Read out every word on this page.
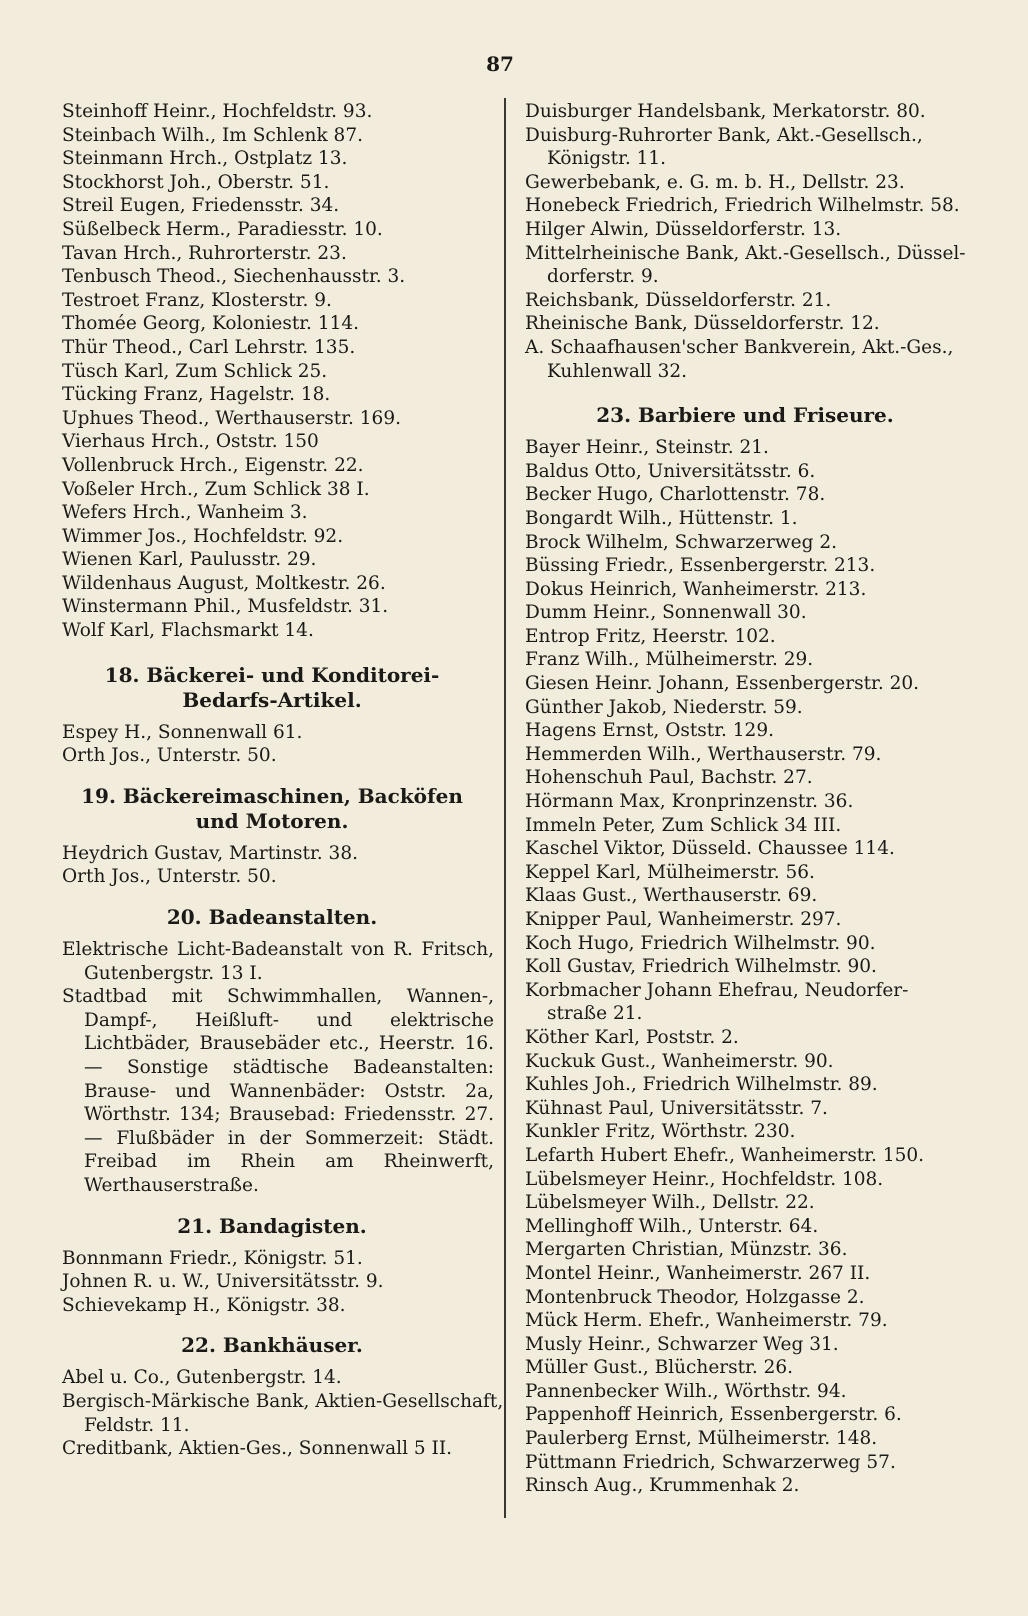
87
Steinhoff Heinr., Hochfeldstr. 93.
Steinbach Wilh., Im Schlenk 87.
Steinmann Hrch., Ostplatz 13.
Stockhorst Joh., Oberstr. 51.
Streil Eugen, Friedensstr. 34.
Süßelbeck Herm., Paradiesstr. 10.
Tavan Hrch., Ruhrorterstr. 23.
Tenbusch Theod., Siechenhausstr. 3.
Testroet Franz, Klosterstr. 9.
Thomée Georg, Koloniestr. 114.
Thür Theod., Carl Lehrstr. 135.
Tüsch Karl, Zum Schlick 25.
Tücking Franz, Hagelstr. 18.
Uphues Theod., Werthauserstr. 169.
Vierhaus Hrch., Oststr. 150
Vollenbruck Hrch., Eigenstr. 22.
Voßeler Hrch., Zum Schlick 38 I.
Wefers Hrch., Wanheim 3.
Wimmer Jos., Hochfeldstr. 92.
Wienen Karl, Paulusstr. 29.
Wildenhaus August, Moltkestr. 26.
Winstermann Phil., Musfeldstr. 31.
Wolf Karl, Flachsmarkt 14.
18. Bäckerei- und Konditorei-
Bedarfs-Artikel.
Espey H., Sonnenwall 61.
Orth Jos., Unterstr. 50.
19. Bäckereimaschinen, Backöfen
und Motoren.
Heydrich Gustav, Martinstr. 38.
Orth Jos., Unterstr. 50.
20. Badeanstalten.
Elektrische Licht-Badeanstalt von R. Fritsch, Gutenbergstr. 13 I.
Stadtbad mit Schwimmhallen, Wannen-, Dampf-, Heißluft- und elektrische Lichtbäder, Brausebäder etc., Heerstr. 16. — Sonstige städtische Badeanstalten: Brause- und Wannenbäder: Oststr. 2a, Wörthstr. 134; Brausebad: Friedensstr. 27. — Flußbäder in der Sommerzeit: Städt. Freibad im Rhein am Rheinwerft, Werthauserstraße.
21. Bandagisten.
Bonnmann Friedr., Königstr. 51.
Johnen R. u. W., Universitätsstr. 9.
Schievekamp H., Königstr. 38.
22. Bankhäuser.
Abel u. Co., Gutenbergstr. 14.
Bergisch-Märkische Bank, Aktien-Gesellschaft,
Feldstr. 11.
Creditbank, Aktien-Ges., Sonnenwall 5 II.
Duisburger Handelsbank, Merkatorstr. 80.
Duisburg-Ruhrorter Bank, Akt.-Gesellsch.,
Königstr. 11.
Gewerbebank, e. G. m. b. H., Dellstr. 23.
Honebeck Friedrich, Friedrich Wilhelmstr. 58.
Hilger Alwin, Düsseldorferstr. 13.
Mittelrheinische Bank, Akt.-Gesellsch., Düssel-
dorferstr. 9.
Reichsbank, Düsseldorferstr. 21.
Rheinische Bank, Düsseldorferstr. 12.
A. Schaafhausen'scher Bankverein, Akt.-Ges.,
Kuhlenwall 32.
23. Barbiere und Friseure.
Bayer Heinr., Steinstr. 21.
Baldus Otto, Universitätsstr. 6.
Becker Hugo, Charlottenstr. 78.
Bongardt Wilh., Hüttenstr. 1.
Brock Wilhelm, Schwarzerweg 2.
Büssing Friedr., Essenbergerstr. 213.
Dokus Heinrich, Wanheimerstr. 213.
Dumm Heinr., Sonnenwall 30.
Entrop Fritz, Heerstr. 102.
Franz Wilh., Mülheimerstr. 29.
Giesen Heinr. Johann, Essenbergerstr. 20.
Günther Jakob, Niederstr. 59.
Hagens Ernst, Oststr. 129.
Hemmerden Wilh., Werthauserstr. 79.
Hohenschuh Paul, Bachstr. 27.
Hörmann Max, Kronprinzenstr. 36.
Immeln Peter, Zum Schlick 34 III.
Kaschel Viktor, Düsseld. Chaussee 114.
Keppel Karl, Mülheimerstr. 56.
Klaas Gust., Werthauserstr. 69.
Knipper Paul, Wanheimerstr. 297.
Koch Hugo, Friedrich Wilhelmstr. 90.
Koll Gustav, Friedrich Wilhelmstr. 90.
Korbmacher Johann Ehefrau, Neudorfer-
straße 21.
Köther Karl, Poststr. 2.
Kuckuk Gust., Wanheimerstr. 90.
Kuhles Joh., Friedrich Wilhelmstr. 89.
Kühnast Paul, Universitätsstr. 7.
Kunkler Fritz, Wörthstr. 230.
Lefarth Hubert Ehefr., Wanheimerstr. 150.
Lübelsmeyer Heinr., Hochfeldstr. 108.
Lübelsmeyer Wilh., Dellstr. 22.
Mellinghoff Wilh., Unterstr. 64.
Mergarten Christian, Münzstr. 36.
Montel Heinr., Wanheimerstr. 267 II.
Montenbruck Theodor, Holzgasse 2.
Mück Herm. Ehefr., Wanheimerstr. 79.
Musly Heinr., Schwarzer Weg 31.
Müller Gust., Blücherstr. 26.
Pannenbecker Wilh., Wörthstr. 94.
Pappenhoff Heinrich, Essenbergerstr. 6.
Paulerberg Ernst, Mülheimerstr. 148.
Püttmann Friedrich, Schwarzerweg 57.
Rinsch Aug., Krummenhak 2.
